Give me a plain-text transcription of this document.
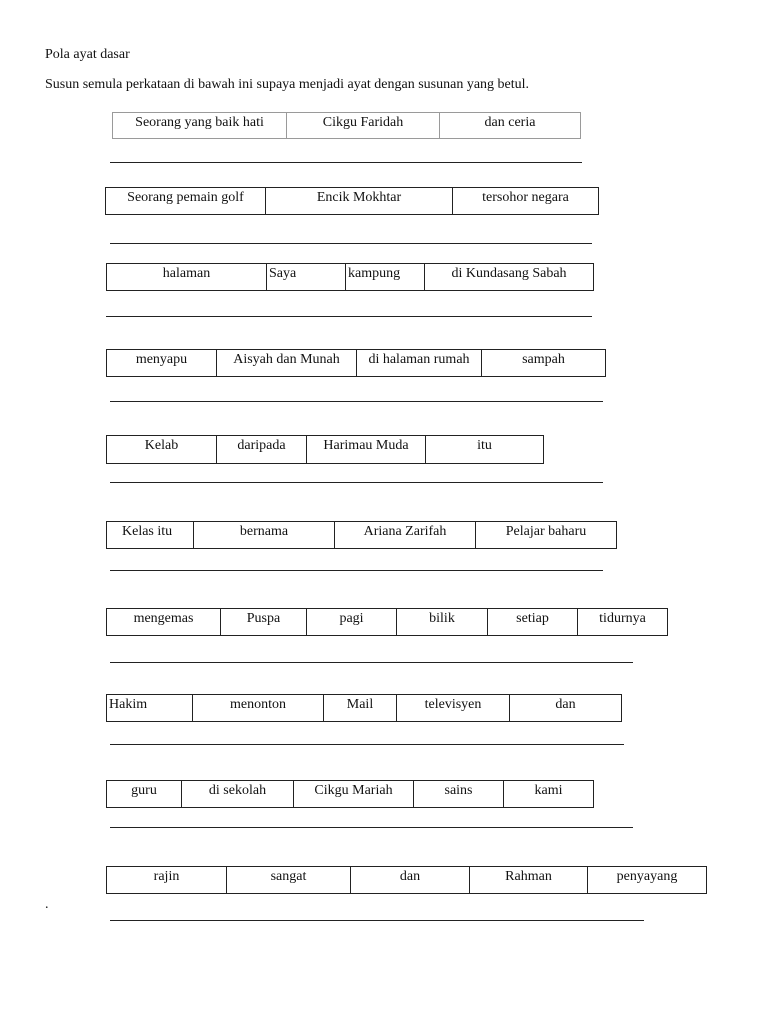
Pola ayat dasar
Susun semula perkataan di bawah ini supaya menjadi ayat dengan susunan yang betul.
Seorang yang baik hati	Cikgu Faridah	dan ceria
Seorang pemain golf	Encik Mokhtar	tersohor negara
halaman	Saya	kampung	di Kundasang Sabah
menyapu	Aisyah dan Munah	di halaman rumah	sampah
Kelab	daripada	Harimau Muda	itu
Kelas itu	bernama	Ariana Zarifah	Pelajar baharu
mengemas	Puspa	pagi	bilik	setiap	tidurnya
Hakim	menonton	Mail	televisyen	dan
guru	di sekolah	Cikgu Mariah	sains	kami
rajin	sangat	dan	Rahman	penyayang
.
